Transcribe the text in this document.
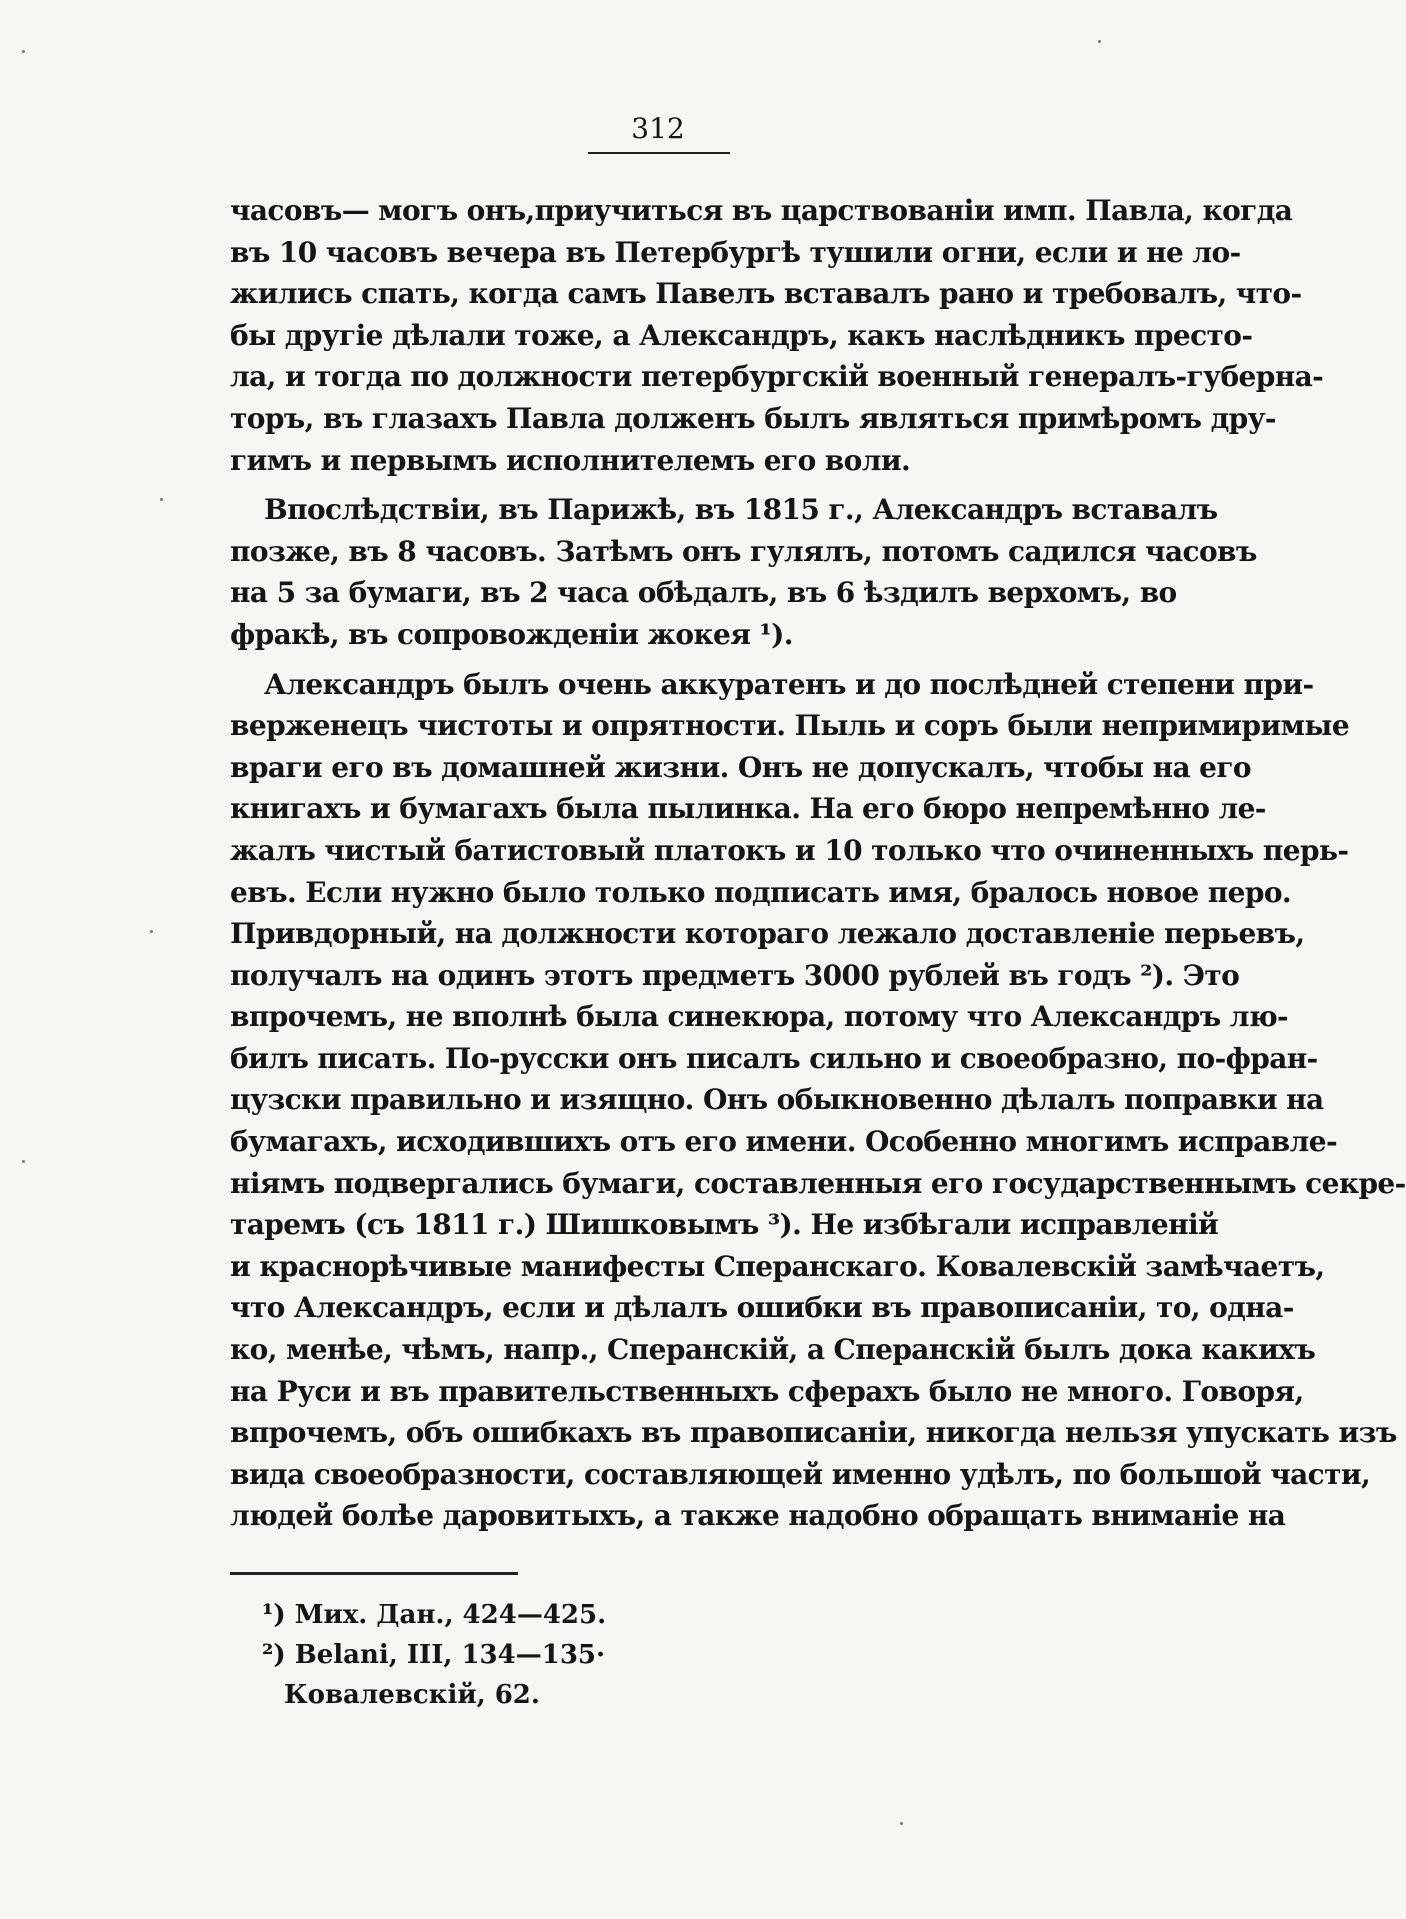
312
часовъ— могъ онъ,приучиться въ царствованiи имп. Павла, когда
въ 10 часовъ вечера въ Петербургѣ тушили огни, если и не ло-
жились спать, когда самъ Павелъ вставалъ рано и требовалъ, что-
бы другiе дѣлали тоже, а Александръ, какъ наслѣдникъ престо-
ла, и тогда по должности петербургскiй военный генералъ-губерна-
торъ, въ глазахъ Павла долженъ былъ являться примѣромъ дру-
гимъ и первымъ исполнителемъ его воли.
Впослѣдствiи, въ Парижѣ, въ 1815 г., Александръ вставалъ
позже, въ 8 часовъ. Затѣмъ онъ гулялъ, потомъ садился часовъ
на 5 за бумаги, въ 2 часа обѣдалъ, въ 6 ѣздилъ верхомъ, во
фракѣ, въ сопровожденiи жокея ¹).
Александръ былъ очень аккуратенъ и до послѣдней степени при-
верженецъ чистоты и опрятности. Пыль и соръ были непримиримые
враги его въ домашней жизни. Онъ не допускалъ, чтобы на его
книгахъ и бумагахъ была пылинка. На его бюро непремѣнно ле-
жалъ чистый батистовый платокъ и 10 только что очиненныхъ перь-
евъ. Если нужно было только подписать имя, бралось новое перо.
Привдорный, на должности котораго лежало доставленiе перьевъ,
получалъ на одинъ этотъ предметъ 3000 рублей въ годъ ²). Это
впрочемъ, не вполнѣ была синекюра, потому что Александръ лю-
билъ писать. По-русски онъ писалъ сильно и своеобразно, по-фран-
цузски правильно и изящно. Онъ обыкновенно дѣлалъ поправки на
бумагахъ, исходившихъ отъ его имени. Особенно многимъ исправле-
нiямъ подвергались бумаги, составленныя его государственнымъ секре-
таремъ (съ 1811 г.) Шишковымъ ³). Не избѣгали исправленiй
и краснорѣчивые манифесты Сперанскаго. Ковалевскiй замѣчаетъ,
что Александръ, если и дѣлалъ ошибки въ правописанiи, то, одна-
ко, менѣе, чѣмъ, напр., Сперанскiй, а Сперанскiй былъ дока какихъ
на Руси и въ правительственныхъ сферахъ было не много. Говоря,
впрочемъ, объ ошибкахъ въ правописанiи, никогда нельзя упускать изъ
вида своеобразности, составляющей именно удѣлъ, по большой части,
людей болѣе даровитыхъ, а также надобно обращать вниманiе на
¹) Мих. Дан., 424—425.
²) Belani, III, 134—135·
Ковалевскiй, 62.
